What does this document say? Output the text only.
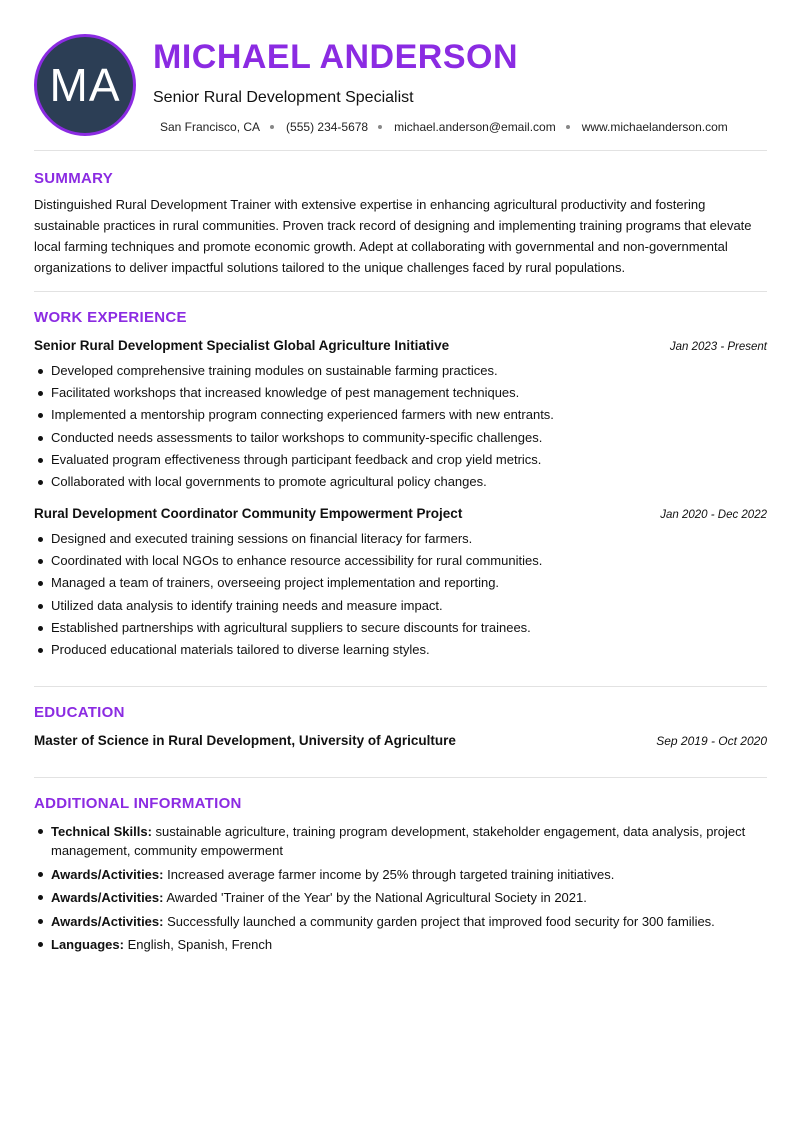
MA
MICHAEL ANDERSON
Senior Rural Development Specialist
San Francisco, CA (555) 234-5678 michael.anderson@email.com www.michaelanderson.com
SUMMARY
Distinguished Rural Development Trainer with extensive expertise in enhancing agricultural productivity and fostering sustainable practices in rural communities. Proven track record of designing and implementing training programs that elevate local farming techniques and promote economic growth. Adept at collaborating with governmental and non-governmental organizations to deliver impactful solutions tailored to the unique challenges faced by rural populations.
WORK EXPERIENCE
Senior Rural Development Specialist Global Agriculture Initiative	Jan 2023 - Present
Developed comprehensive training modules on sustainable farming practices.
Facilitated workshops that increased knowledge of pest management techniques.
Implemented a mentorship program connecting experienced farmers with new entrants.
Conducted needs assessments to tailor workshops to community-specific challenges.
Evaluated program effectiveness through participant feedback and crop yield metrics.
Collaborated with local governments to promote agricultural policy changes.
Rural Development Coordinator Community Empowerment Project	Jan 2020 - Dec 2022
Designed and executed training sessions on financial literacy for farmers.
Coordinated with local NGOs to enhance resource accessibility for rural communities.
Managed a team of trainers, overseeing project implementation and reporting.
Utilized data analysis to identify training needs and measure impact.
Established partnerships with agricultural suppliers to secure discounts for trainees.
Produced educational materials tailored to diverse learning styles.
EDUCATION
Master of Science in Rural Development, University of Agriculture	Sep 2019 - Oct 2020
ADDITIONAL INFORMATION
Technical Skills: sustainable agriculture, training program development, stakeholder engagement, data analysis, project management, community empowerment
Awards/Activities: Increased average farmer income by 25% through targeted training initiatives.
Awards/Activities: Awarded 'Trainer of the Year' by the National Agricultural Society in 2021.
Awards/Activities: Successfully launched a community garden project that improved food security for 300 families.
Languages: English, Spanish, French
